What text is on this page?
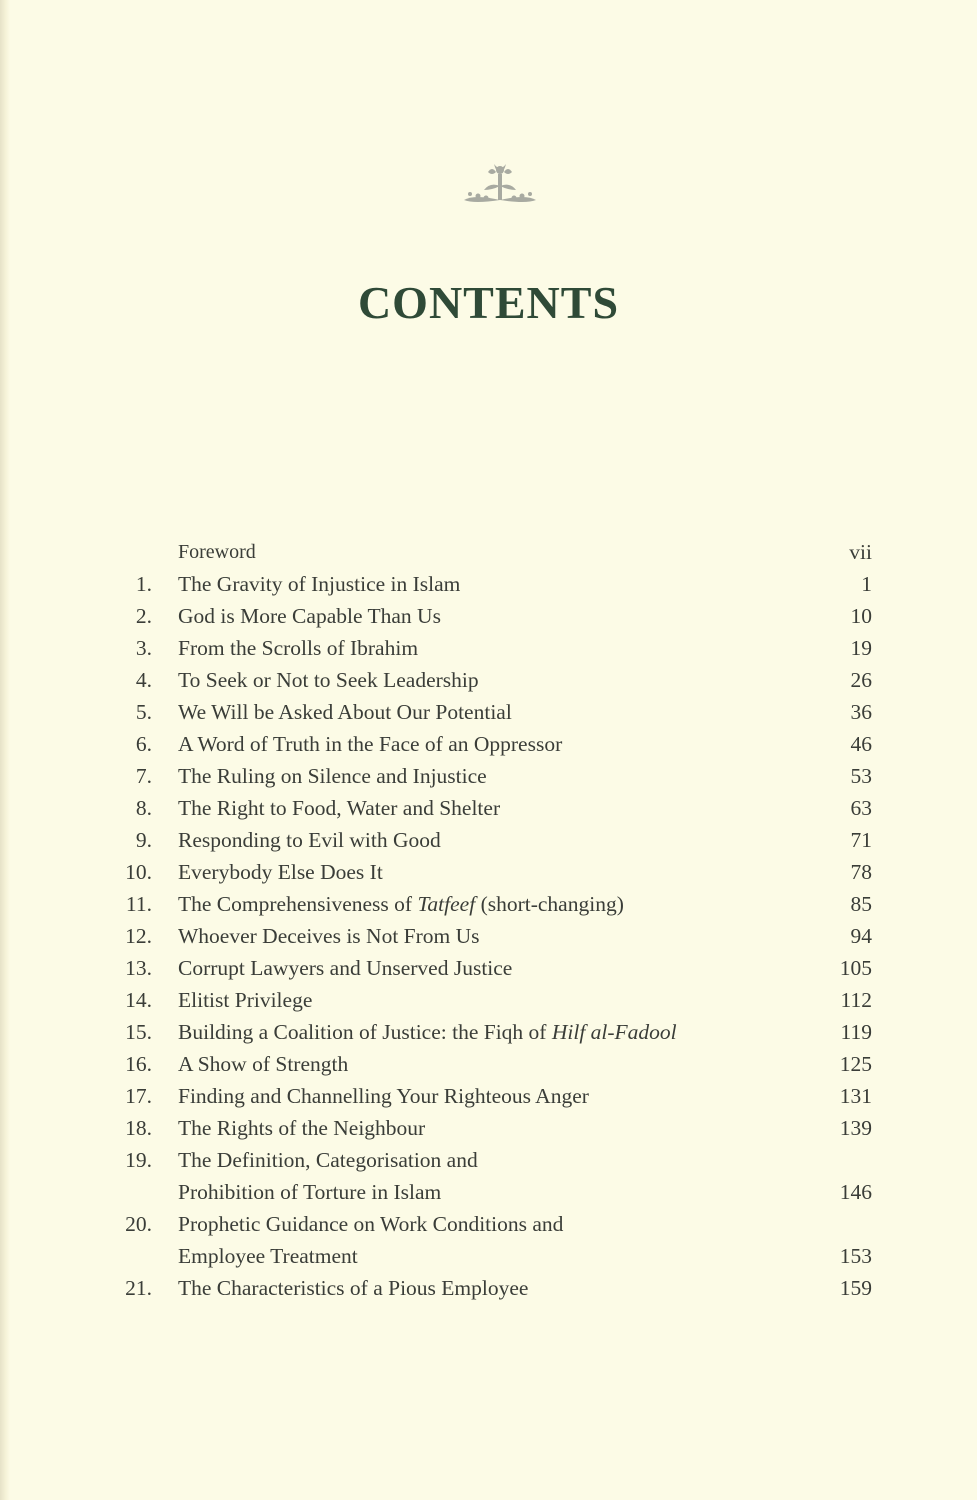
CONTENTS
Foreword	vii
1.	The Gravity of Injustice in Islam	1
2.	God is More Capable Than Us	10
3.	From the Scrolls of Ibrahim	19
4.	To Seek or Not to Seek Leadership	26
5.	We Will be Asked About Our Potential	36
6.	A Word of Truth in the Face of an Oppressor	46
7.	The Ruling on Silence and Injustice	53
8.	The Right to Food, Water and Shelter	63
9.	Responding to Evil with Good	71
10.	Everybody Else Does It	78
11.	The Comprehensiveness of Tatfeef (short-changing)	85
12.	Whoever Deceives is Not From Us	94
13.	Corrupt Lawyers and Unserved Justice	105
14.	Elitist Privilege	112
15.	Building a Coalition of Justice: the Fiqh of Hilf al-Fadool	119
16.	A Show of Strength	125
17.	Finding and Channelling Your Righteous Anger	131
18.	The Rights of the Neighbour	139
19. The Definition, Categorisation and
Prohibition of Torture in Islam	146
20. Prophetic Guidance on Work Conditions and
Employee Treatment	153
21.	The Characteristics of a Pious Employee	159
